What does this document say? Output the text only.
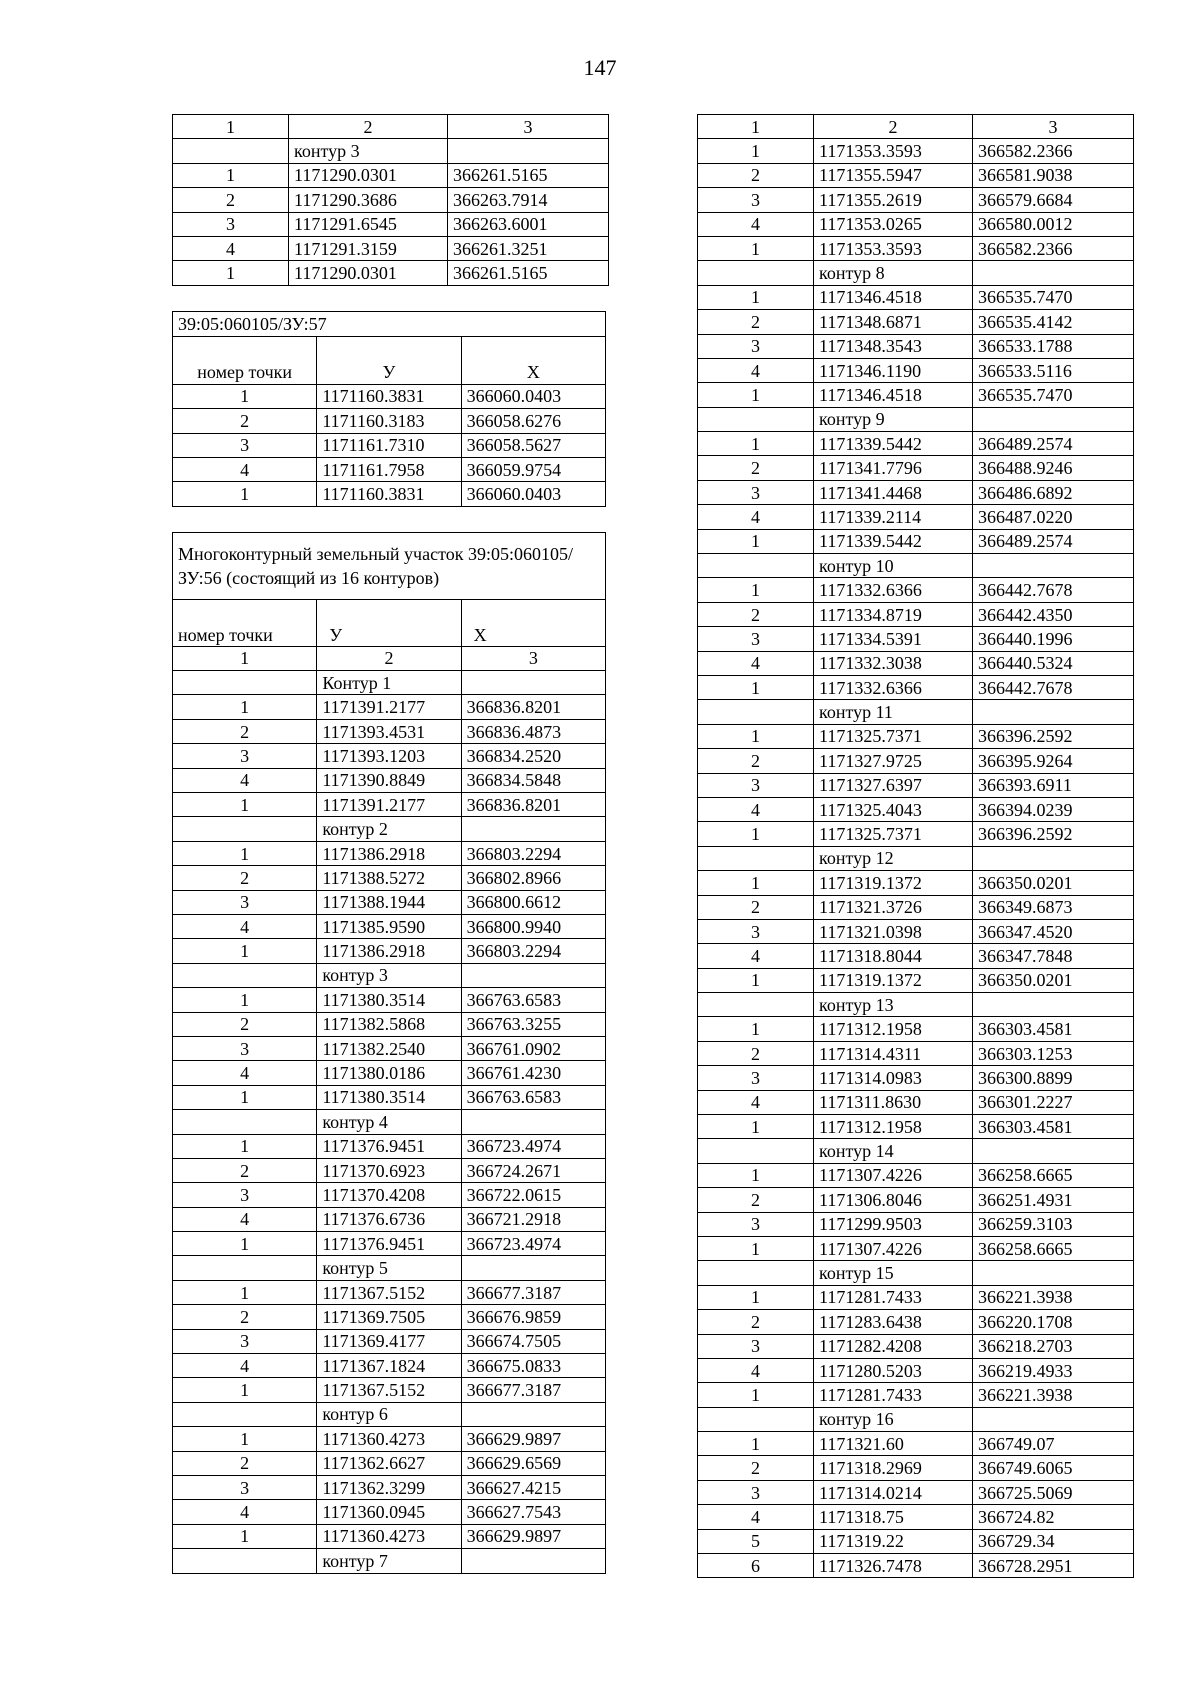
147
1	2	3
	контур 3	
1	1171290.0301	366261.5165
2	1171290.3686	366263.7914
3	1171291.6545	366263.6001
4	1171291.3159	366261.3251
1	1171290.0301	366261.5165
39:05:060105/ЗУ:57		
номер точки	У	Х
1	1171160.3831	366060.0403
2	1171160.3183	366058.6276
3	1171161.7310	366058.5627
4	1171161.7958	366059.9754
1	1171160.3831	366060.0403
Многоконтурный земельный участок 39:05:060105/ЗУ:56 (состоящий из 16 контуров)		
номер точки	У	Х
1	2	3
	Контур 1	
1	1171391.2177	366836.8201
2	1171393.4531	366836.4873
3	1171393.1203	366834.2520
4	1171390.8849	366834.5848
1	1171391.2177	366836.8201
	контур 2	
1	1171386.2918	366803.2294
2	1171388.5272	366802.8966
3	1171388.1944	366800.6612
4	1171385.9590	366800.9940
1	1171386.2918	366803.2294
	контур 3	
1	1171380.3514	366763.6583
2	1171382.5868	366763.3255
3	1171382.2540	366761.0902
4	1171380.0186	366761.4230
1	1171380.3514	366763.6583
	контур 4	
1	1171376.9451	366723.4974
2	1171370.6923	366724.2671
3	1171370.4208	366722.0615
4	1171376.6736	366721.2918
1	1171376.9451	366723.4974
	контур 5	
1	1171367.5152	366677.3187
2	1171369.7505	366676.9859
3	1171369.4177	366674.7505
4	1171367.1824	366675.0833
1	1171367.5152	366677.3187
	контур 6	
1	1171360.4273	366629.9897
2	1171362.6627	366629.6569
3	1171362.3299	366627.4215
4	1171360.0945	366627.7543
1	1171360.4273	366629.9897
	контур 7	
1	2	3
1	1171353.3593	366582.2366
2	1171355.5947	366581.9038
3	1171355.2619	366579.6684
4	1171353.0265	366580.0012
1	1171353.3593	366582.2366
	контур 8	
1	1171346.4518	366535.7470
2	1171348.6871	366535.4142
3	1171348.3543	366533.1788
4	1171346.1190	366533.5116
1	1171346.4518	366535.7470
	контур 9	
1	1171339.5442	366489.2574
2	1171341.7796	366488.9246
3	1171341.4468	366486.6892
4	1171339.2114	366487.0220
1	1171339.5442	366489.2574
	контур 10	
1	1171332.6366	366442.7678
2	1171334.8719	366442.4350
3	1171334.5391	366440.1996
4	1171332.3038	366440.5324
1	1171332.6366	366442.7678
	контур 11	
1	1171325.7371	366396.2592
2	1171327.9725	366395.9264
3	1171327.6397	366393.6911
4	1171325.4043	366394.0239
1	1171325.7371	366396.2592
	контур 12	
1	1171319.1372	366350.0201
2	1171321.3726	366349.6873
3	1171321.0398	366347.4520
4	1171318.8044	366347.7848
1	1171319.1372	366350.0201
	контур 13	
1	1171312.1958	366303.4581
2	1171314.4311	366303.1253
3	1171314.0983	366300.8899
4	1171311.8630	366301.2227
1	1171312.1958	366303.4581
	контур 14	
1	1171307.4226	366258.6665
2	1171306.8046	366251.4931
3	1171299.9503	366259.3103
1	1171307.4226	366258.6665
	контур 15	
1	1171281.7433	366221.3938
2	1171283.6438	366220.1708
3	1171282.4208	366218.2703
4	1171280.5203	366219.4933
1	1171281.7433	366221.3938
	контур 16	
1	1171321.60	366749.07
2	1171318.2969	366749.6065
3	1171314.0214	366725.5069
4	1171318.75	366724.82
5	1171319.22	366729.34
6	1171326.7478	366728.2951
